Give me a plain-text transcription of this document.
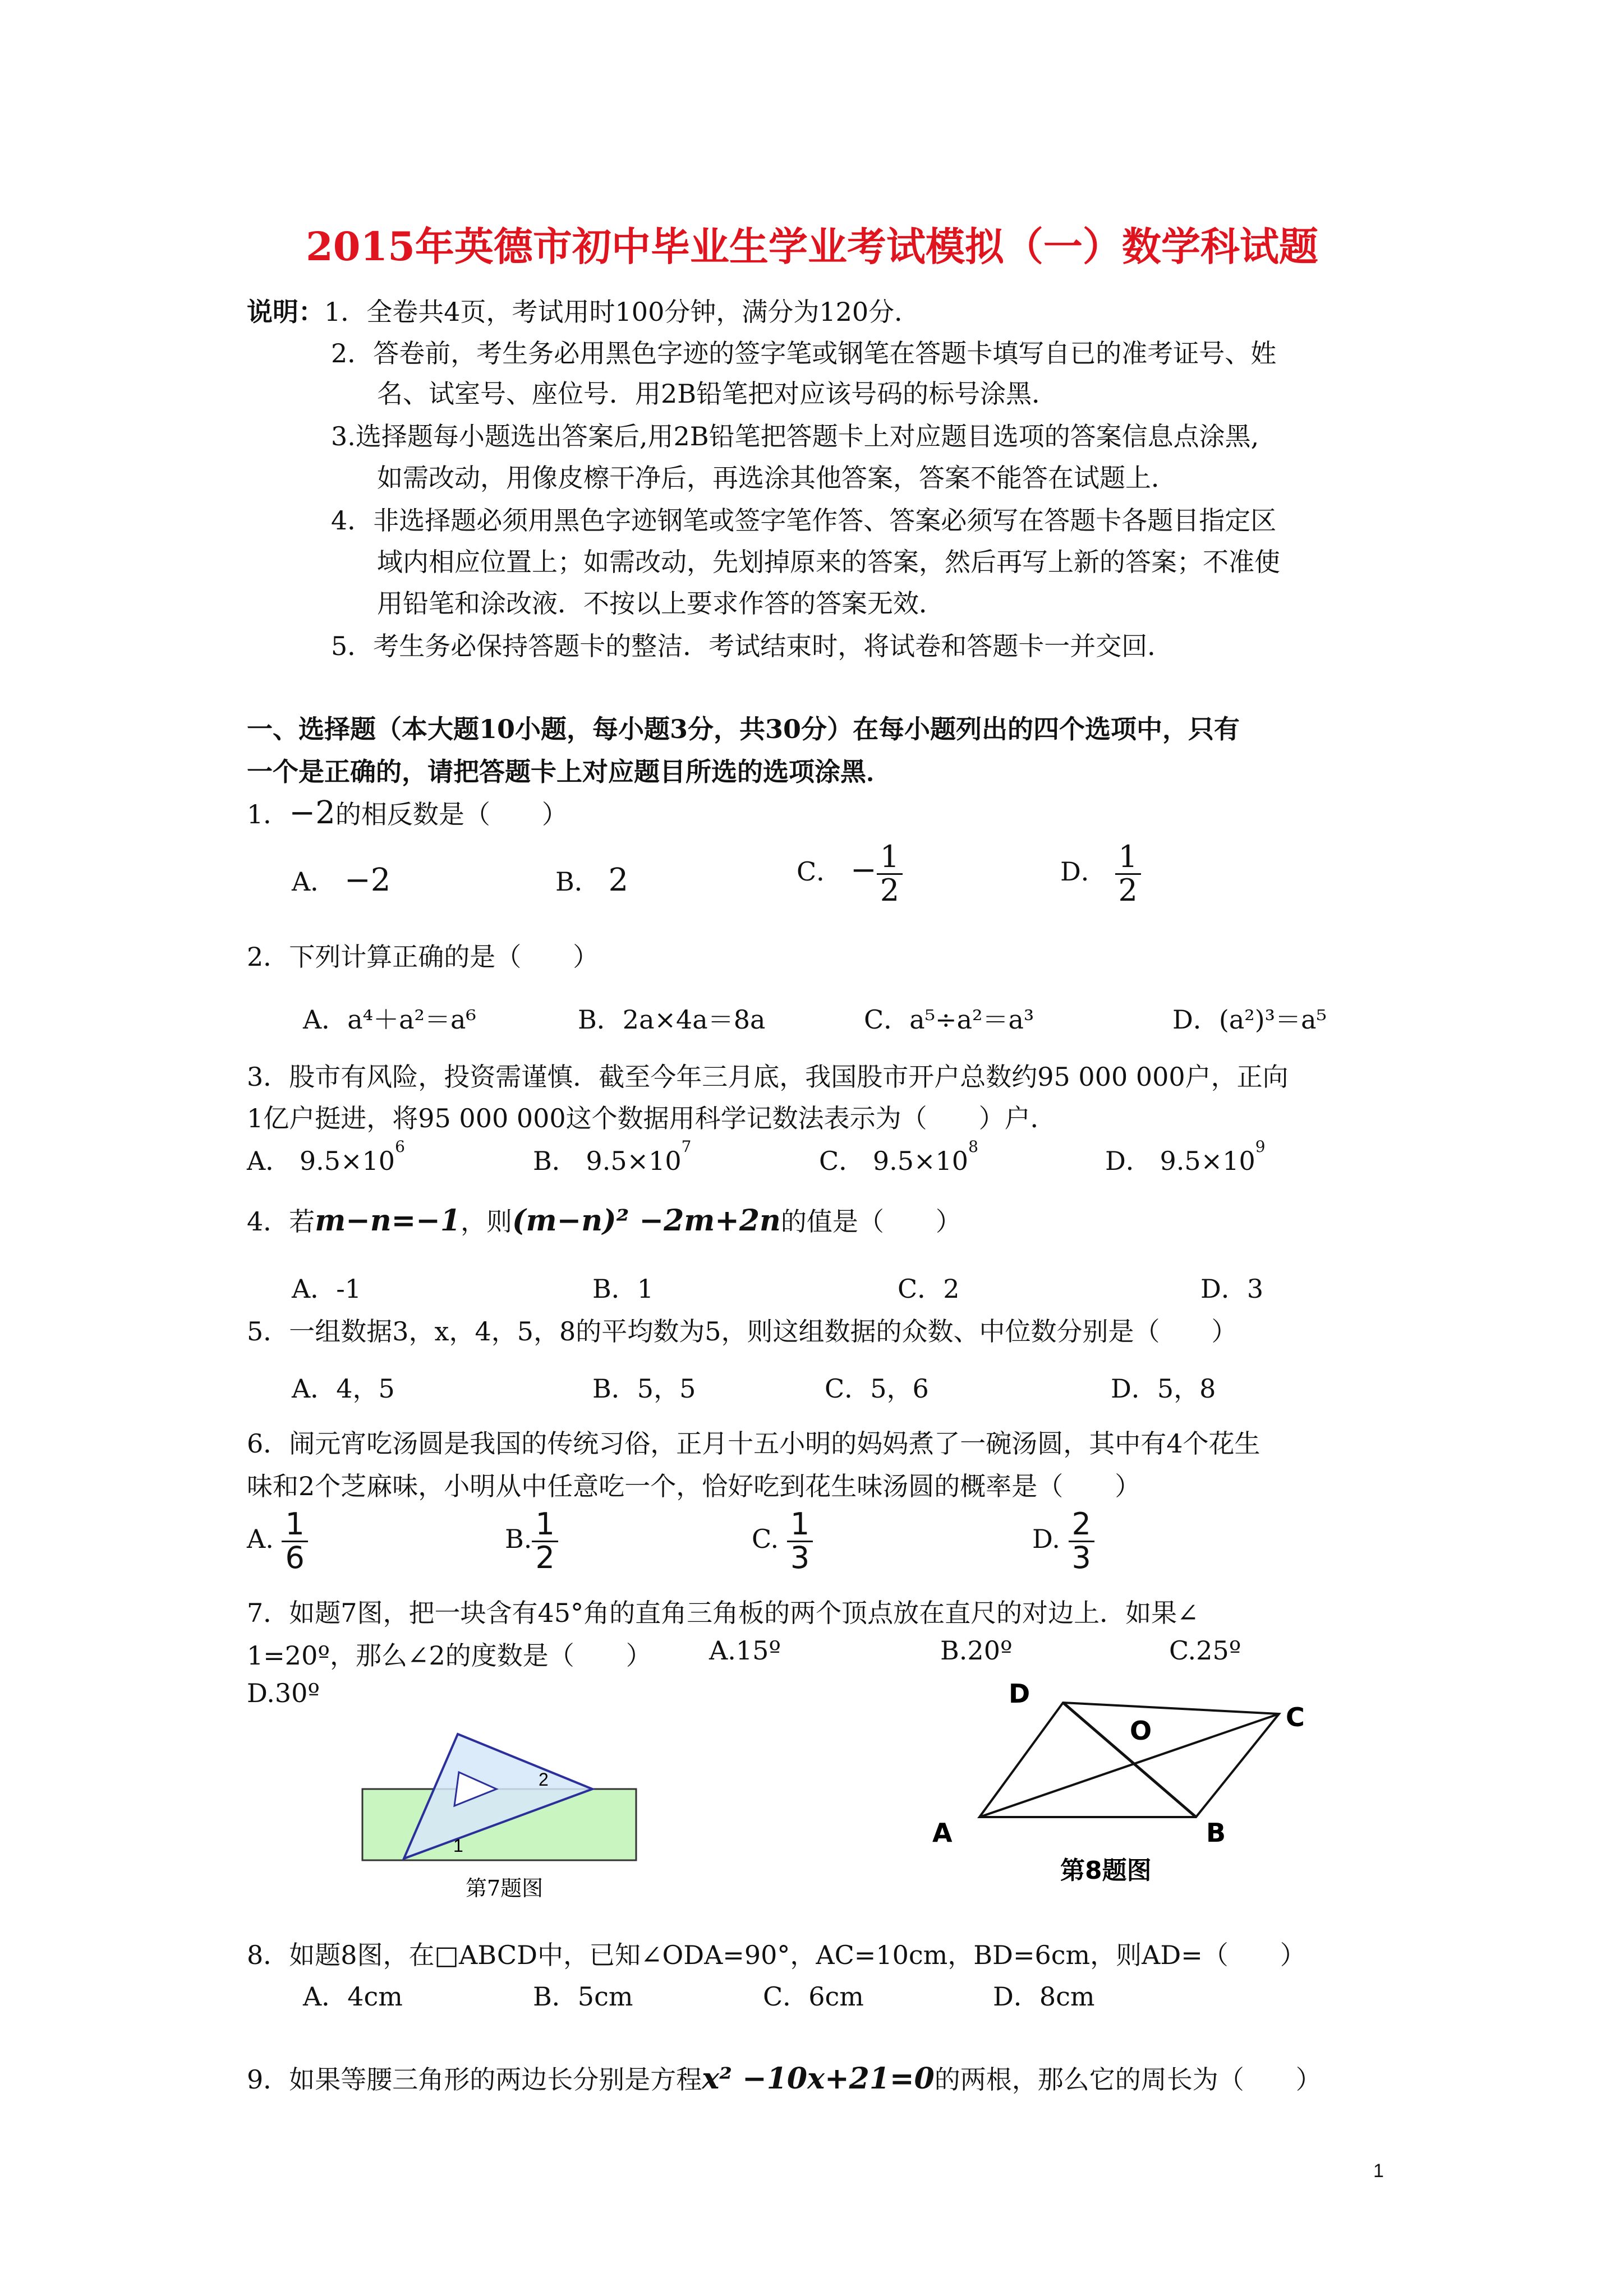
2015年英德市初中毕业生学业考试模拟（一）数学科试题
说明：1．全卷共4页，考试用时100分钟，满分为120分．
2．答卷前，考生务必用黑色字迹的签字笔或钢笔在答题卡填写自已的准考证号、姓
名、试室号、座位号．用2B铅笔把对应该号码的标号涂黑．
3.选择题每小题选出答案后,用2B铅笔把答题卡上对应题目选项的答案信息点涂黑,
如需改动，用像皮檫干净后，再选涂其他答案，答案不能答在试题上．
4．非选择题必须用黑色字迹钢笔或签字笔作答、答案必须写在答题卡各题目指定区
域内相应位置上；如需改动，先划掉原来的答案，然后再写上新的答案；不准使
用铅笔和涂改液．不按以上要求作答的答案无效．
5．考生务必保持答题卡的整洁．考试结束时，将试卷和答题卡一并交回．
一、选择题（本大题10小题，每小题3分，共30分）在每小题列出的四个选项中，只有
一个是正确的，请把答题卡上对应题目所选的选项涂黑．
1．−2的相反数是（　　）
A． −2	B． 2	C． − $\frac{1}{2}$	D． $\frac{1}{2}$
2．下列计算正确的是（　　）
A．a⁴＋a²＝a⁶	B．2a×4a＝8a	C．a⁵÷a²＝a³	D．(a²)³＝a⁵
3．股市有风险，投资需谨慎．截至今年三月底，我国股市开户总数约95 000 000户，正向
1亿户挺进，将95 000 000这个数据用科学记数法表示为（　　）户．
A． $9.5\times 10^6$	B． $9.5\times 10^7$	C． $9.5\times 10^8$	D． $9.5\times 10^9$
4．若m−n=−1，则(m−n)² −2m+2n的值是（　　）
A．-1	B．1	C．2	D．3
5．一组数据3，x，4，5，8的平均数为5，则这组数据的众数、中位数分别是（　　）
A．4，5	B．5，5	C．5，6	D．5，8
6．闹元宵吃汤圆是我国的传统习俗，正月十五小明的妈妈煮了一碗汤圆，其中有4个花生
味和2个芝麻味，小明从中任意吃一个，恰好吃到花生味汤圆的概率是（　　）
A. $\frac{1}{6}$	B. $\frac{1}{2}$	C. $\frac{1}{3}$	D. $\frac{2}{3}$
7．如题7图，把一块含有45°角的直角三角板的两个顶点放在直尺的对边上．如果∠
1=20º，那么∠2的度数是（　　） A.15º	B.20º	C.25º
D.30º
2
1
第7题图
D
C
O
A	B
第8题图
8．如题8图，在□ABCD中，已知∠ODA=90°，AC=10cm，BD=6cm，则AD=（　　）
A．4cm	B．5cm	C．6cm	D．8cm
9．如果等腰三角形的两边长分别是方程x² −10x+21=0的两根，那么它的周长为（　　）
1
